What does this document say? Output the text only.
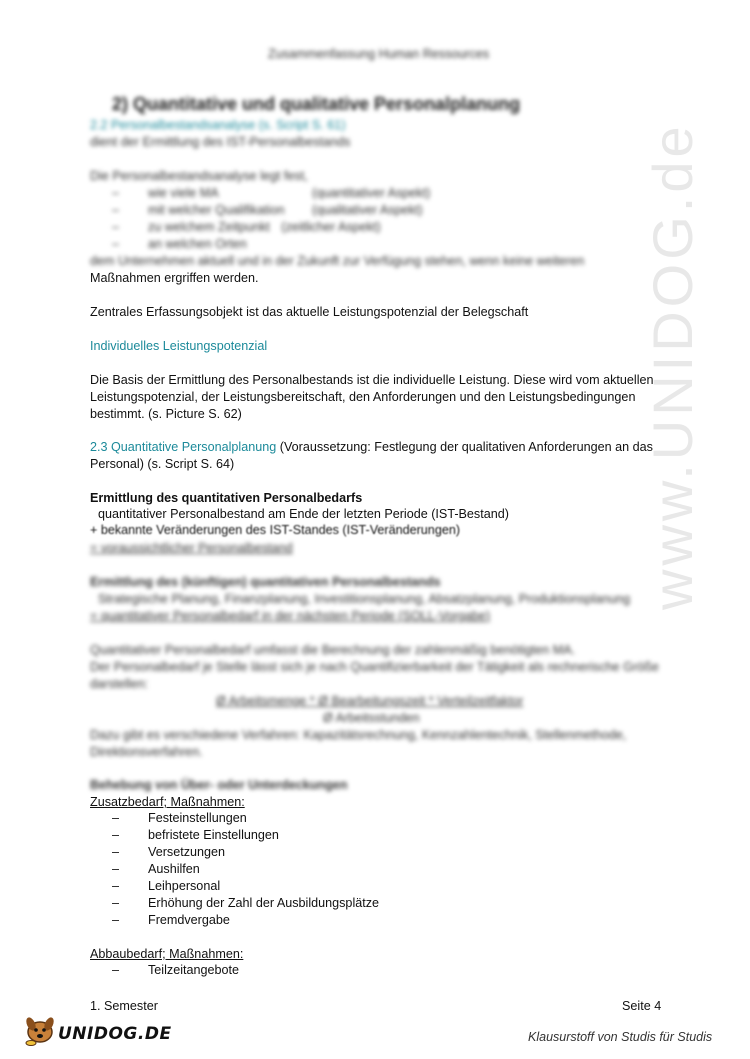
www.UNIDOG.de
Zusammenfassung Human Ressources
2) Quantitative und qualitative Personalplanung
2.2 Personalbestandsanalyse (s. Script S. 61)
dient der Ermittlung des IST-Personalbestands
Die Personalbestandsanalyse legt fest,
– wie viele MA	(quantitativer Aspekt)
– mit welcher Qualifikation (qualitativer Aspekt)
– zu welchem Zeitpunkt (zeitlicher Aspekt)
– an welchen Orten
dem Unternehmen aktuell und in der Zukunft zur Verfügung stehen, wenn keine weiteren
Maßnahmen ergriffen werden.
Zentrales Erfassungsobjekt ist das aktuelle Leistungspotenzial der Belegschaft
Individuelles Leistungspotenzial
Die Basis der Ermittlung des Personalbestands ist die individuelle Leistung. Diese wird vom aktuellen
Leistungspotenzial, der Leistungsbereitschaft, den Anforderungen und den Leistungsbedingungen
bestimmt. (s. Picture S. 62)
2.3 Quantitative Personalplanung (Voraussetzung: Festlegung der qualitativen Anforderungen an das
Personal) (s. Script S. 64)
Ermittlung des quantitativen Personalbedarfs
quantitativer Personalbestand am Ende der letzten Periode (IST-Bestand)
+ bekannte Veränderungen des IST-Standes (IST-Veränderungen)
= voraussichtlicher Personalbestand
Ermittlung des (künftigen) quantitativen Personalbestands
Strategische Planung, Finanzplanung, Investitionsplanung, Absatzplanung, Produktionsplanung
= quantitativer Personalbedarf in der nächsten Periode (SOLL-Vorgabe)
Quantitativer Personalbedarf umfasst die Berechnung der zahlenmäßig benötigten MA.
Der Personalbedarf je Stelle lässt sich je nach Quantifizierbarkeit der Tätigkeit als rechnerische Größe
darstellen:
Ø Arbeitsmenge * Ø Bearbeitungszeit * Verteilzeitfaktor
Ø Arbeitsstunden
Dazu gibt es verschiedene Verfahren: Kapazitätsrechnung, Kennzahlentechnik, Stellenmethode,
Direktionsverfahren.
Behebung von Über- oder Unterdeckungen
Zusatzbedarf; Maßnahmen:
– Festeinstellungen
– befristete Einstellungen
– Versetzungen
– Aushilfen
– Leihpersonal
– Erhöhung der Zahl der Ausbildungsplätze
– Fremdvergabe
Abbaubedarf; Maßnahmen:
– Teilzeitangebote
1. Semester	Seite 4
UNIDOG.DE	Klausurstoff von Studis für Studis
